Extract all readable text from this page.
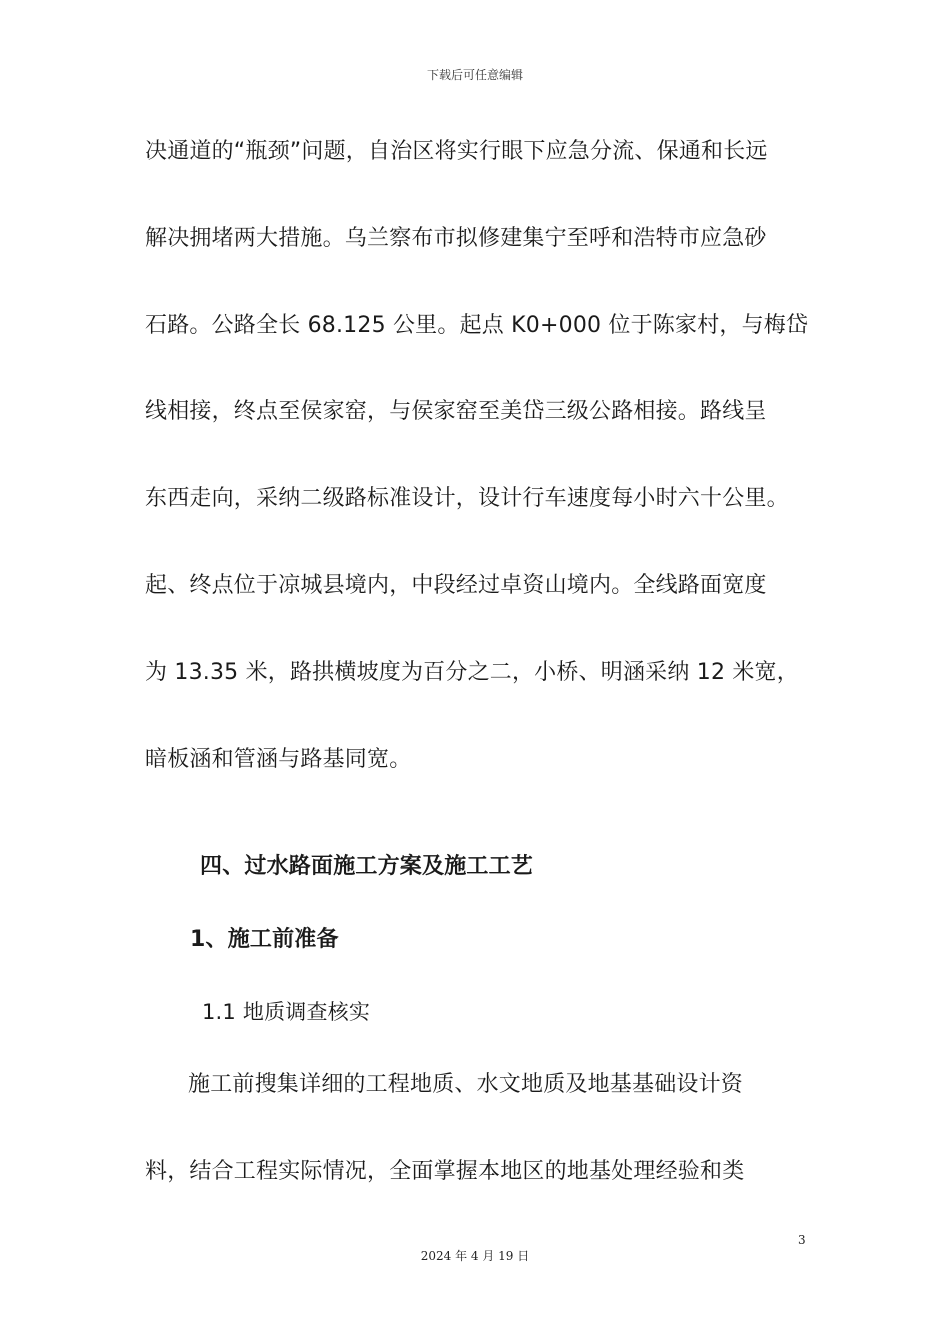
下载后可任意编辑
决通道的“瓶颈”问题，自治区将实行眼下应急分流、保通和长远
解决拥堵两大措施。乌兰察布市拟修建集宁至呼和浩特市应急砂
石路。公路全长 68.125 公里。起点 K0+000 位于陈家村，与梅岱
线相接，终点至侯家窑，与侯家窑至美岱三级公路相接。路线呈
东西走向，采纳二级路标准设计，设计行车速度每小时六十公里。
起、终点位于凉城县境内，中段经过卓资山境内。全线路面宽度
为 13.35 米，路拱横坡度为百分之二，小桥、明涵采纳 12 米宽，
暗板涵和管涵与路基同宽。
四、过水路面施工方案及施工工艺
1、施工前准备
1.1 地质调查核实
施工前搜集详细的工程地质、水文地质及地基基础设计资
料，结合工程实际情况，全面掌握本地区的地基处理经验和类
3
2024 年 4 月 19 日
